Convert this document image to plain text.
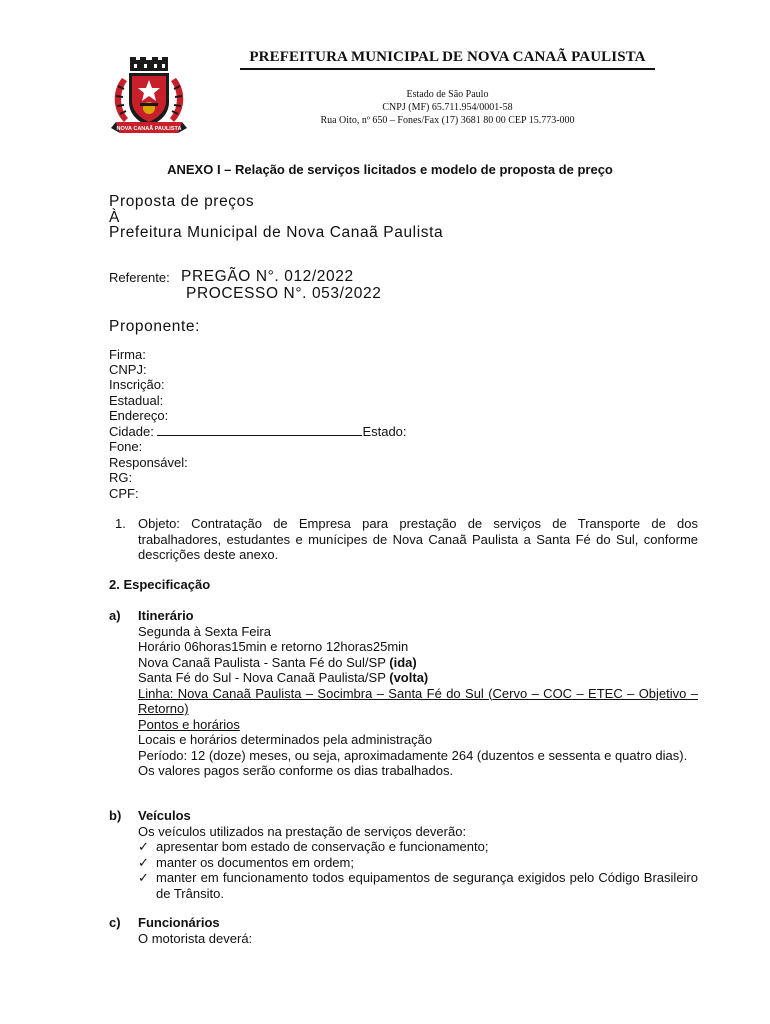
NOVA CANAÃ PAULISTA
PREFEITURA MUNICIPAL DE NOVA CANAÃ PAULISTA
Estado de São Paulo
CNPJ (MF) 65.711.954/0001-58
Rua Oito, nº 650 – Fones/Fax (17) 3681 80 00 CEP 15.773-000
ANEXO I – Relação de serviços licitados e modelo de proposta de preço
Proposta de preços
À
Prefeitura Municipal de Nova Canaã Paulista
Referente: PREGÃO N°. 012/2022
PROCESSO N°. 053/2022
Proponente:
Firma:
CNPJ:
Inscrição:
Estadual:
Endereço:
Cidade:	Estado:
Fone:
Responsável:
RG:
CPF:
1. Objeto: Contratação de Empresa para prestação de serviços de Transporte de dos trabalhadores, estudantes e munícipes de Nova Canaã Paulista a Santa Fé do Sul, conforme descrições deste anexo.
2. Especificação
a) Itinerário
Segunda à Sexta Feira
Horário 06horas15min e retorno 12horas25min
Nova Canaã Paulista - Santa Fé do Sul/SP (ida)
Santa Fé do Sul - Nova Canaã Paulista/SP (volta)
Linha: Nova Canaã Paulista – Socimbra – Santa Fé do Sul (Cervo – COC – ETEC – Objetivo – Retorno)
Pontos e horários
Locais e horários determinados pela administração
Período: 12 (doze) meses, ou seja, aproximadamente 264 (duzentos e sessenta e quatro dias).
Os valores pagos serão conforme os dias trabalhados.
b) Veículos
Os veículos utilizados na prestação de serviços deverão:
✓ apresentar bom estado de conservação e funcionamento;
✓ manter os documentos em ordem;
✓ manter em funcionamento todos equipamentos de segurança exigidos pelo Código Brasileiro de Trânsito.
c) Funcionários
O motorista deverá:
